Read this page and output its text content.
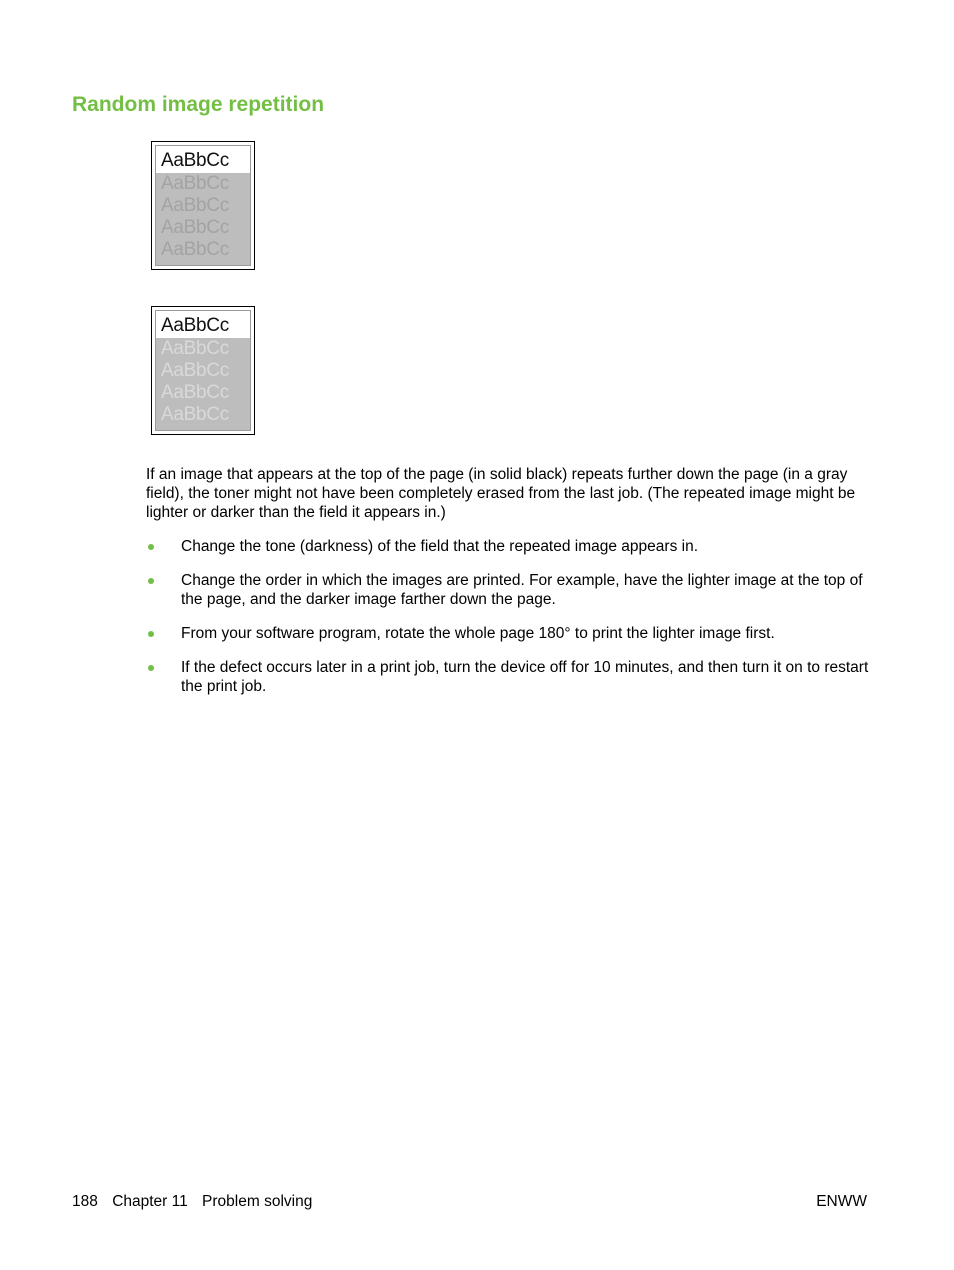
Random image repetition
AaBbCc
AaBbCc
AaBbCc
AaBbCc
AaBbCc
AaBbCc
AaBbCc
AaBbCc
AaBbCc
AaBbCc

If an image that appears at the top of the page (in solid black) repeats further down the page (in a gray field), the toner might not have been completely erased from the last job. (The repeated image might be lighter or darker than the field it appears in.)

Change the tone (darkness) of the field that the repeated image appears in.
Change the order in which the images are printed. For example, have the lighter image at the top of the page, and the darker image farther down the page.
From your software program, rotate the whole page 180° to print the lighter image first.
If the defect occurs later in a print job, turn the device off for 10 minutes, and then turn it on to restart the print job.
188 Chapter 11 Problem solving	ENWW
